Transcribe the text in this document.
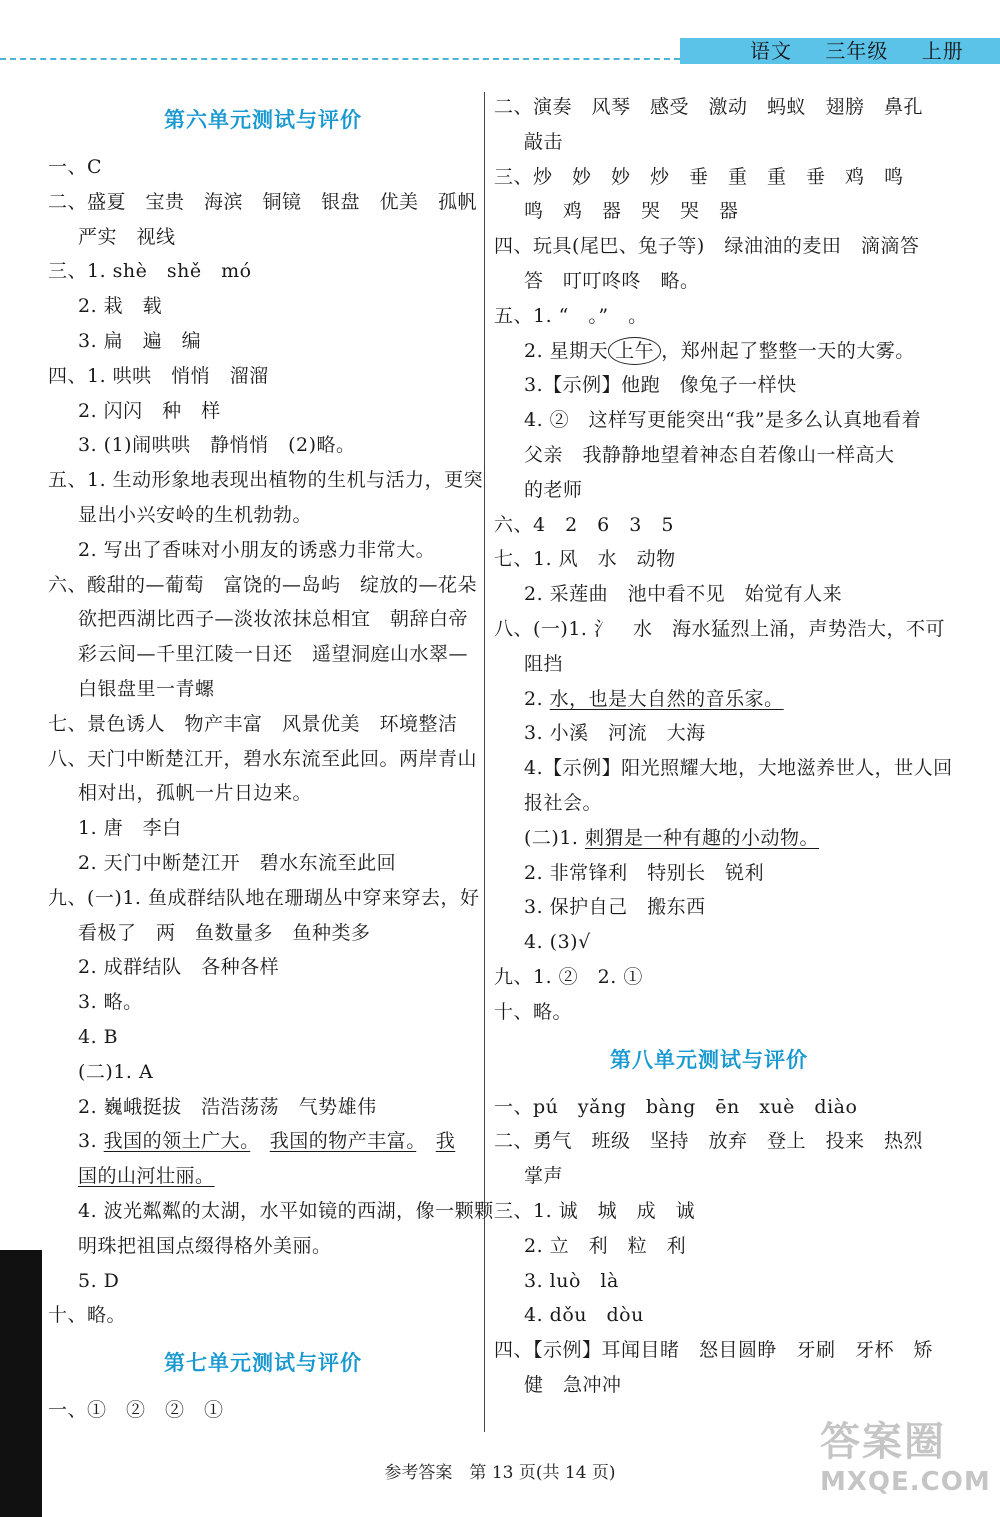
语文 三年级 上册
第六单元测试与评价
一、C
二、盛夏　宝贵　海滨　铜镜　银盘　优美　孤帆
严实　视线
三、1. shè　shě　mó
2. 栽　载
3. 扁　遍　编
四、1. 哄哄　悄悄　溜溜
2. 闪闪　种　样
3. (1)闹哄哄　静悄悄　(2)略。
五、1. 生动形象地表现出植物的生机与活力，更突
显出小兴安岭的生机勃勃。
2. 写出了香味对小朋友的诱惑力非常大。
六、酸甜的—葡萄　富饶的—岛屿　绽放的—花朵
欲把西湖比西子—淡妆浓抹总相宜　朝辞白帝
彩云间—千里江陵一日还　遥望洞庭山水翠—
白银盘里一青螺
七、景色诱人　物产丰富　风景优美　环境整洁
八、天门中断楚江开，碧水东流至此回。两岸青山
相对出，孤帆一片日边来。
1. 唐　李白
2. 天门中断楚江开　碧水东流至此回
九、(一)1. 鱼成群结队地在珊瑚丛中穿来穿去，好
看极了　两　鱼数量多　鱼种类多
2. 成群结队　各种各样
3. 略。
4. B
(二)1. A
2. 巍峨挺拔　浩浩荡荡　气势雄伟
3. 我国的领土广大。　 我国的物产丰富。　 我
国的山河壮丽。
4. 波光粼粼的太湖，水平如镜的西湖，像一颗颗
明珠把祖国点缀得格外美丽。
5. D
十、略。
第七单元测试与评价
一、①　②　②　①
二、演奏　风琴　感受　激动　蚂蚁　翅膀　鼻孔
敲击
三、炒　妙　妙　炒　垂　重　重　垂　鸡　鸣
鸣　鸡　器　哭　哭　器
四、玩具(尾巴、兔子等)　绿油油的麦田　滴滴答
答　叮叮咚咚　略。
五、1. “　。”　。
2. 星期天 上午 ，郑州起了整整一天的大雾。
3.【示例】他跑　像兔子一样快
4. ②　这样写更能突出“我”是多么认真地看着
父亲　我静静地望着神态自若像山一样高大
的老师
六、4　2　6　3　5
七、1. 风　水　动物
2. 采莲曲　池中看不见　始觉有人来
八、(一)1. 氵　水　海水猛烈上涌，声势浩大，不可
阻挡
2. 水，也是大自然的音乐家。
3. 小溪　河流　大海
4.【示例】阳光照耀大地，大地滋养世人，世人回
报社会。
(二)1. 刺猬是一种有趣的小动物。
2. 非常锋利　特别长　锐利
3. 保护自己　搬东西
4. (3)√
九、1. ②　2. ①
十、略。
第八单元测试与评价
一、pú　yǎng　bàng　ēn　xuè　diào
二、勇气　班级　坚持　放弃　登上　投来　热烈
掌声
三、1. 诚　城　成　诚
2. 立　利　粒　利
3. luò　là
4. dǒu　dòu
四、【示例】耳闻目睹　怒目圆睁　牙刷　牙杯　矫
健　急冲冲
参考答案　第 13 页(共 14 页)
答案圈
MXQE.COM
